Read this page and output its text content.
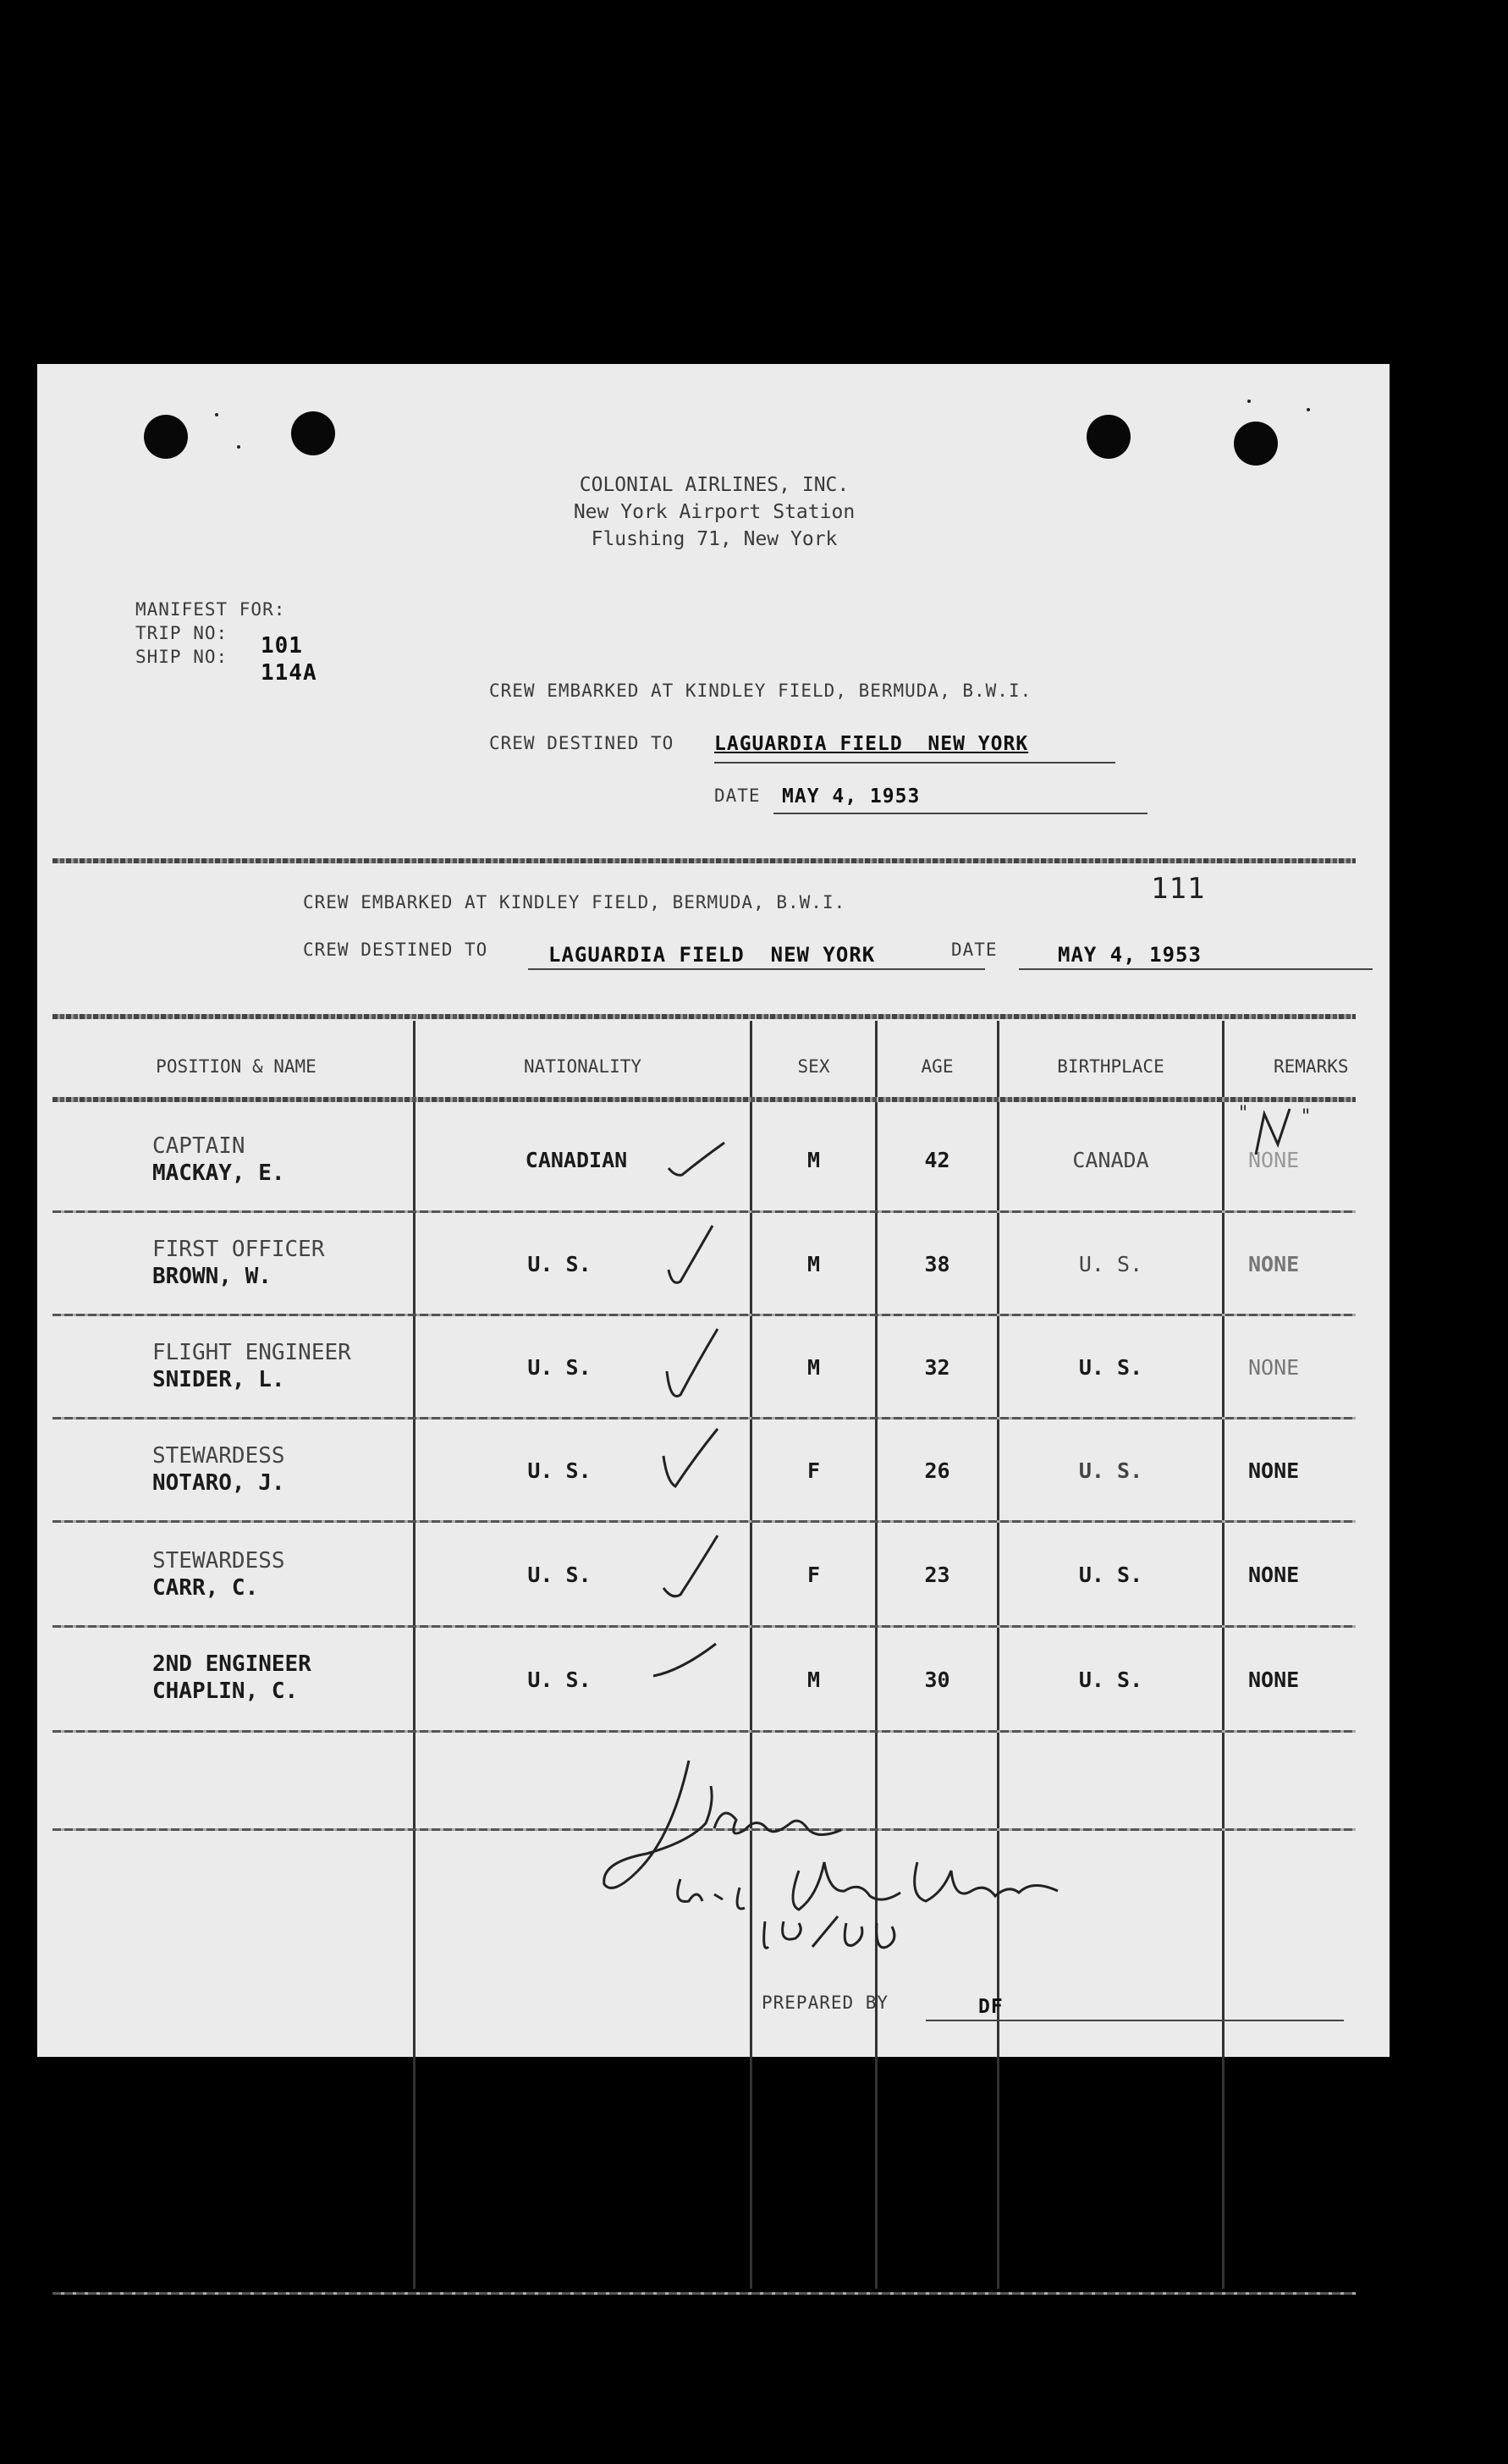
COLONIAL AIRLINES, INC.
New York Airport Station
Flushing 71, New York
MANIFEST FOR:
TRIP NO: 101
SHIP NO:
114A
CREW EMBARKED AT KINDLEY FIELD, BERMUDA, B.W.I.
CREW DESTINED TO LAGUARDIA FIELD  NEW YORK
DATE MAY 4, 1953
111
CREW EMBARKED AT KINDLEY FIELD, BERMUDA, B.W.I.
CREW DESTINED TO	LAGUARDIA FIELD  NEW YORK	DATE	MAY 4, 1953
POSITION & NAME	NATIONALITY	SEX	AGE	BIRTHPLACE	REMARKS
CAPTAIN
MACKAY, E.
CANADIAN	M	42	CANADA	NONE
FIRST OFFICER
BROWN, W.	U. S.	M	38	U. S.	NONE
FLIGHT ENGINEER
SNIDER, L.	U. S.	M	32	U. S.	NONE
STEWARDESS
NOTARO, J.	U. S.	F	26	U. S.	NONE
STEWARDESS
CARR, C.
U. S.	F	23	U. S.	NONE
2ND ENGINEER
CHAPLIN, C.	U. S.	M	30	U. S.	NONE
"	"
PREPARED BY	DF
